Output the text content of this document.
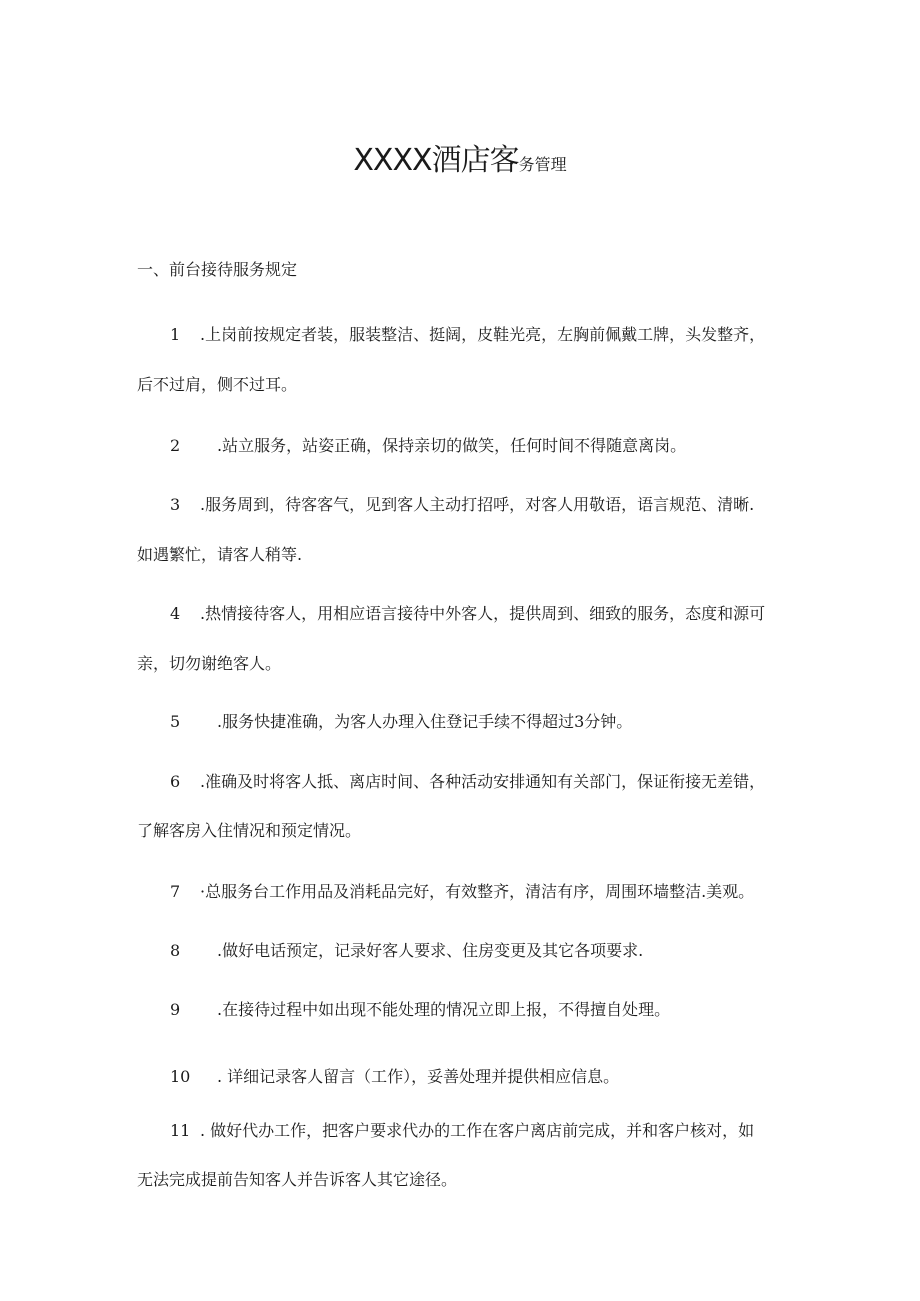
XXXX酒店客务管理
一、前台接待服务规定
1 .上岗前按规定者装，服装整洁、挺阔，皮鞋光亮，左胸前佩戴工牌，头发整齐，
后不过肩，侧不过耳。
2 .站立服务，站姿正确，保持亲切的做笑，任何时间不得随意离岗。
3 .服务周到，待客客气，见到客人主动打招呼，对客人用敬语，语言规范、清晰.
如遇繁忙，请客人稍等.
4 .热情接待客人，用相应语言接待中外客人，提供周到、细致的服务，态度和源可
亲，切勿谢绝客人。
5 .服务快捷准确，为客人办理入住登记手续不得超过3分钟。
6 .准确及时将客人抵、离店时间、各种活动安排通知有关部门，保证衔接无差错，
了解客房入住情况和预定情况。
7 ·总服务台工作用品及消耗品完好，有效整齐，清洁有序，周围环墙整洁.美观。
8 .做好电话预定，记录好客人要求、住房变更及其它各项要求.
9 .在接待过程中如出现不能处理的情况立即上报，不得擅自处理。
10 . 详细记录客人留言（工作），妥善处理并提供相应信息。
11 . 做好代办工作，把客户要求代办的工作在客户离店前完成，并和客户核对，如
无法完成提前告知客人并告诉客人其它途径。
